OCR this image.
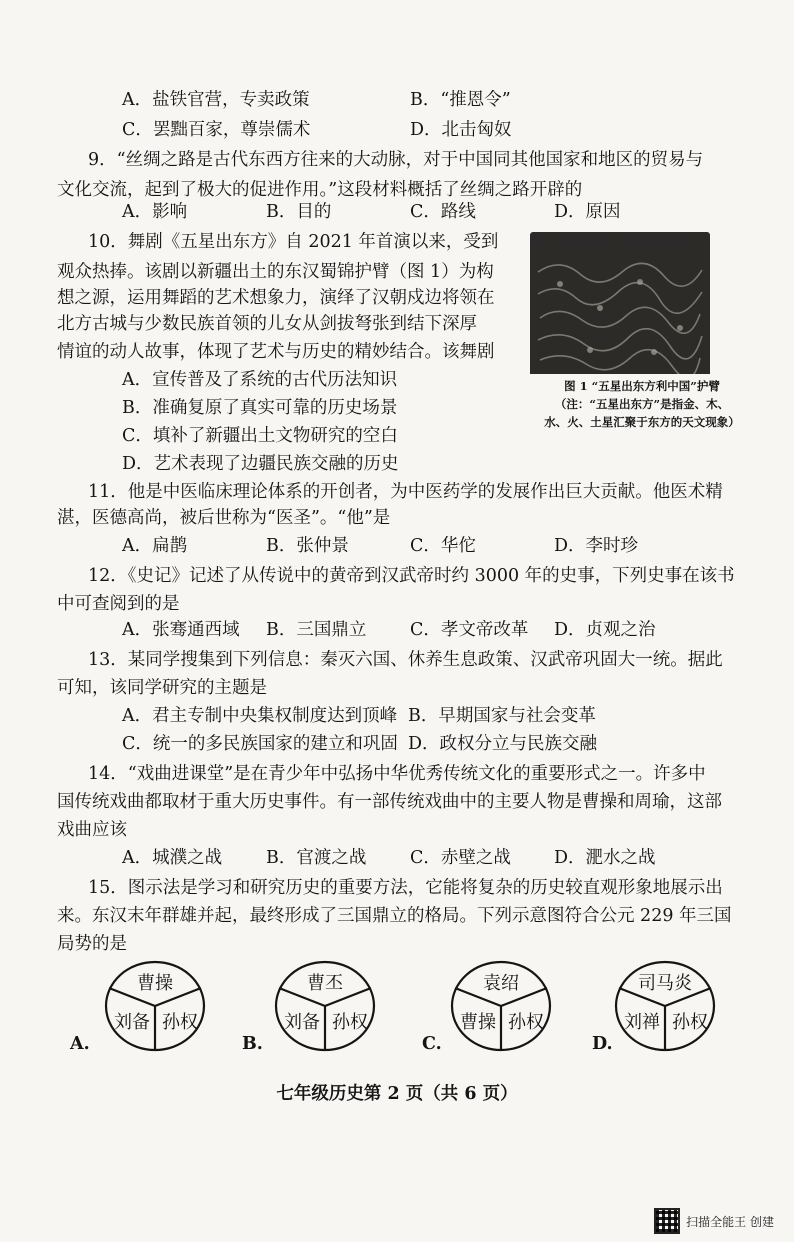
A．盐铁官营，专卖政策	B．“推恩令”
C．罢黜百家，尊崇儒术	D．北击匈奴
9．“丝绸之路是古代东西方往来的大动脉，对于中国同其他国家和地区的贸易与
文化交流，起到了极大的促进作用。”这段材料概括了丝绸之路开辟的
A．影响	B．目的	C．路线	D．原因
10．舞剧《五星出东方》自 2021 年首演以来，受到
观众热捧。该剧以新疆出土的东汉蜀锦护臂（图 1）为构
想之源，运用舞蹈的艺术想象力，演绎了汉朝戍边将领在
北方古城与少数民族首领的儿女从剑拔弩张到结下深厚
情谊的动人故事，体现了艺术与历史的精妙结合。该舞剧
A．宣传普及了系统的古代历法知识
B．准确复原了真实可靠的历史场景
C．填补了新疆出土文物研究的空白
D．艺术表现了边疆民族交融的历史
图 1 “五星出东方利中国”护臂
（注：“五星出东方”是指金、木、
水、火、土星汇聚于东方的天文现象）
11．他是中医临床理论体系的开创者，为中医药学的发展作出巨大贡献。他医术精
湛，医德高尚，被后世称为“医圣”。“他”是
A．扁鹊	B．张仲景	C．华佗	D．李时珍
12．《史记》记述了从传说中的黄帝到汉武帝时约 3000 年的史事，下列史事在该书
中可查阅到的是
A．张骞通西域 B．三国鼎立 C．孝文帝改革 D．贞观之治
13．某同学搜集到下列信息：秦灭六国、休养生息政策、汉武帝巩固大一统。据此
可知，该同学研究的主题是
A．君主专制中央集权制度达到顶峰 B．早期国家与社会变革
C．统一的多民族国家的建立和巩固 D．政权分立与民族交融
14．“戏曲进课堂”是在青少年中弘扬中华优秀传统文化的重要形式之一。许多中
国传统戏曲都取材于重大历史事件。有一部传统戏曲中的主要人物是曹操和周瑜，这部
戏曲应该
A．城濮之战	B．官渡之战 C．赤壁之战 D．淝水之战
15．图示法是学习和研究历史的重要方法，它能将复杂的历史较直观形象地展示出
来。东汉末年群雄并起，最终形成了三国鼎立的格局。下列示意图符合公元 229 年三国
局势的是
A.
曹操
刘备 孙权
B.
曹丕
刘备 孙权
C.
袁绍
曹操 孙权
D.
司马炎
刘禅 孙权
七年级历史第 2 页（共 6 页）
扫描全能王 创建
